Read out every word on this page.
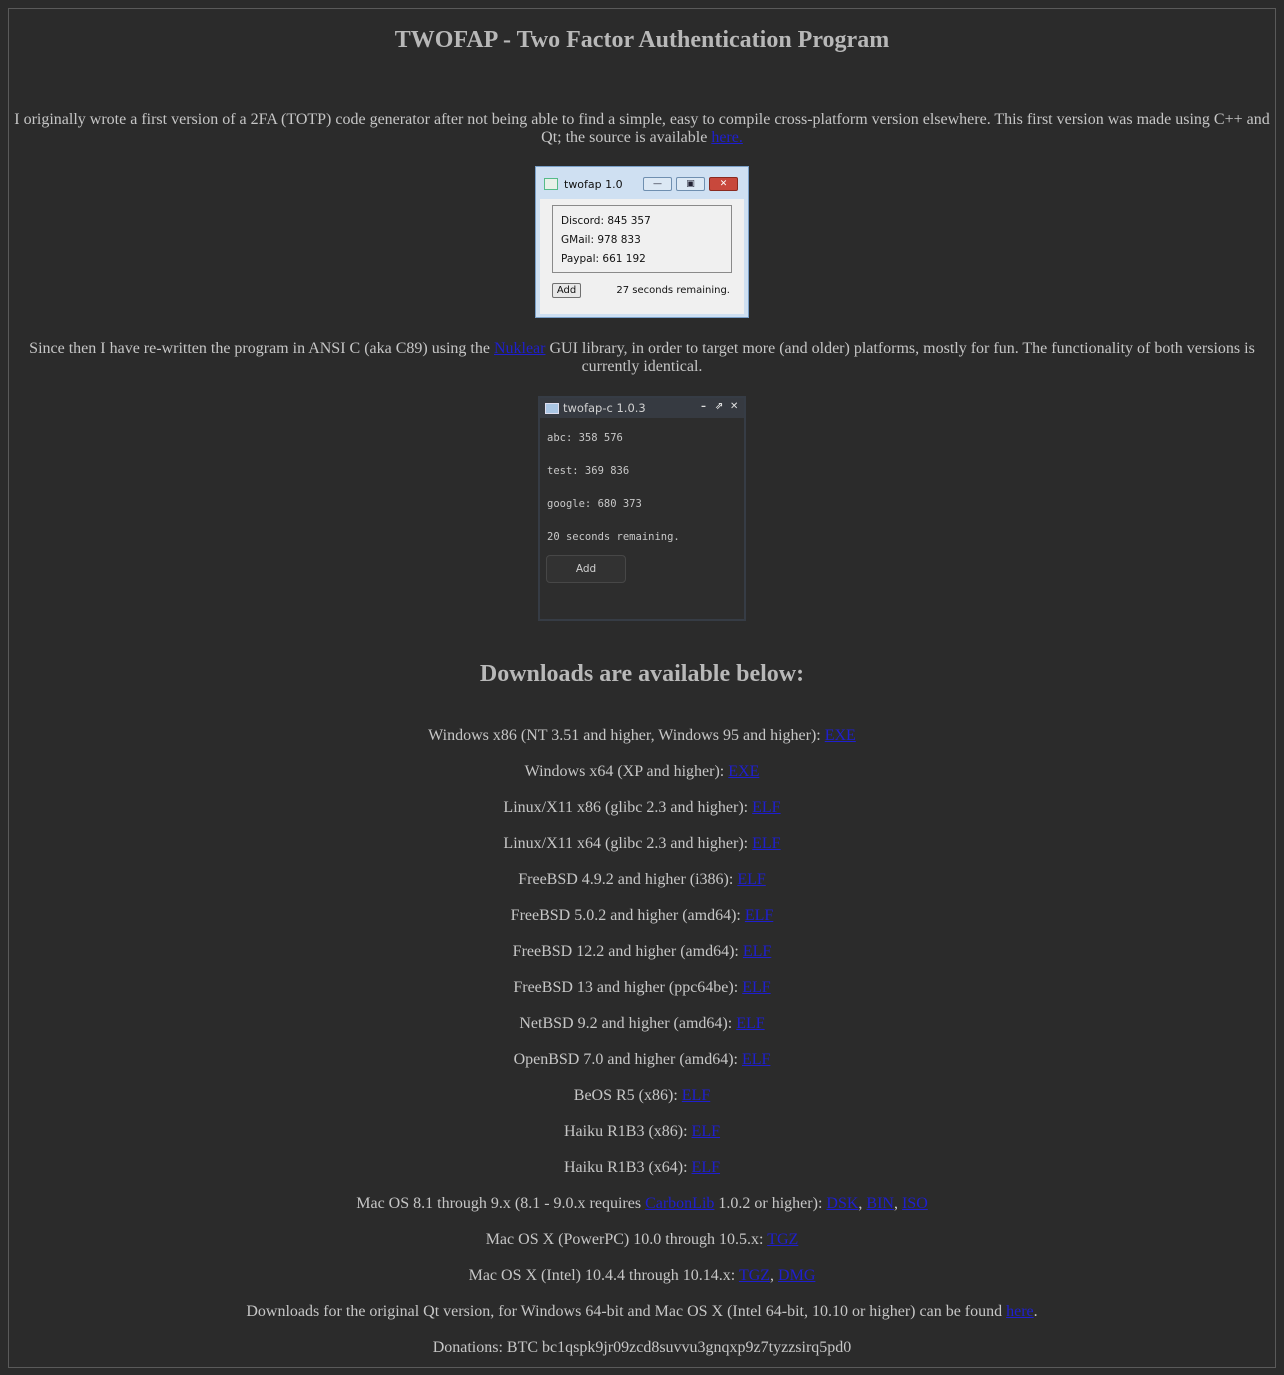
TWOFAP - Two Factor Authentication Program
I originally wrote a first version of a 2FA (TOTP) code generator after not being able to find a simple, easy to compile cross-platform version elsewhere. This first version was made using C++ and Qt; the source is available here.
twofap 1.0	—	▣	✕
Discord: 845 357
GMail: 978 833
Paypal: 661 192
Add	27 seconds remaining.
Since then I have re-written the program in ANSI C (aka C89) using the Nuklear GUI library, in order to target more (and older) platforms, mostly for fun. The functionality of both versions is currently identical.
twofap-c 1.0.3	– ⇗ ✕
abc: 358 576
test: 369 836
google: 680 373
20 seconds remaining.
Add
Downloads are available below:
Windows x86 (NT 3.51 and higher, Windows 95 and higher): EXE
Windows x64 (XP and higher): EXE
Linux/X11 x86 (glibc 2.3 and higher): ELF
Linux/X11 x64 (glibc 2.3 and higher): ELF
FreeBSD 4.9.2 and higher (i386): ELF
FreeBSD 5.0.2 and higher (amd64): ELF
FreeBSD 12.2 and higher (amd64): ELF
FreeBSD 13 and higher (ppc64be): ELF
NetBSD 9.2 and higher (amd64): ELF
OpenBSD 7.0 and higher (amd64): ELF
BeOS R5 (x86): ELF
Haiku R1B3 (x86): ELF
Haiku R1B3 (x64): ELF
Mac OS 8.1 through 9.x (8.1 - 9.0.x requires CarbonLib 1.0.2 or higher): DSK, BIN, ISO
Mac OS X (PowerPC) 10.0 through 10.5.x: TGZ
Mac OS X (Intel) 10.4.4 through 10.14.x: TGZ, DMG
Downloads for the original Qt version, for Windows 64-bit and Mac OS X (Intel 64-bit, 10.10 or higher) can be found here.
Donations: BTC bc1qspk9jr09zcd8suvvu3gnqxp9z7tyzzsirq5pd0
